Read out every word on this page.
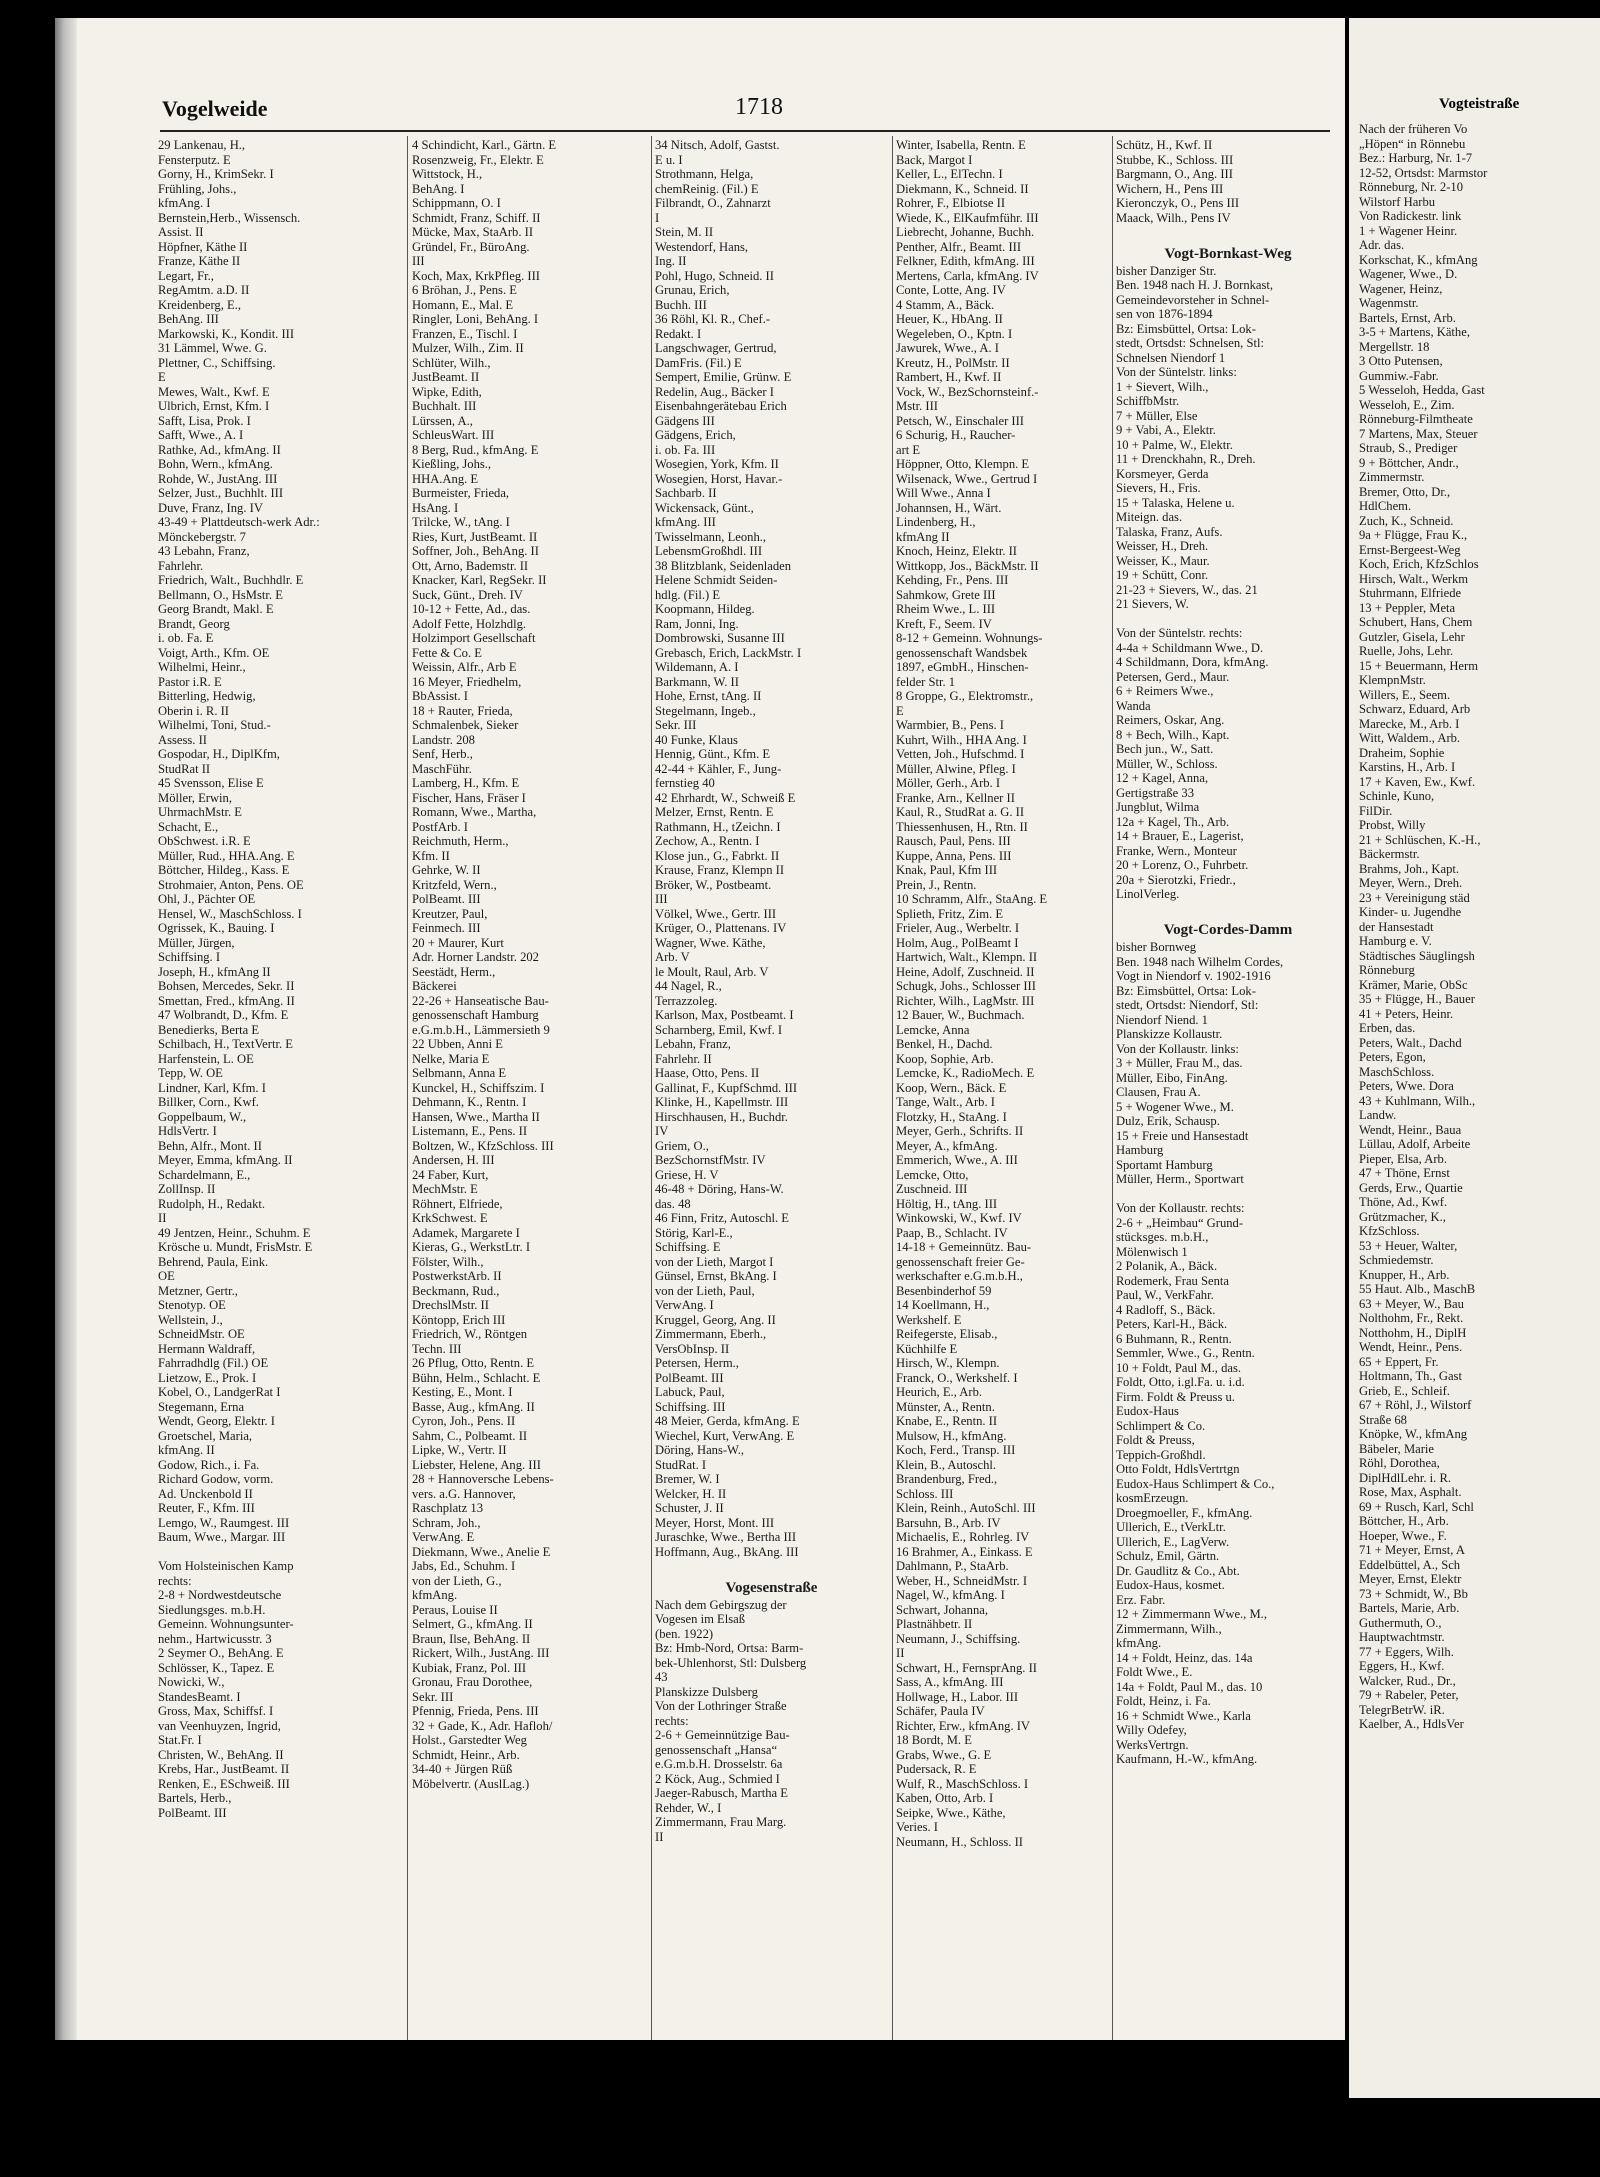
Vogelweide	1718
29 Lankenau, H.,
Fensterputz. E
Gorny, H., KrimSekr. I
Frühling, Johs.,
kfmAng. I
Bernstein,Herb., Wissensch.
Assist. II
Höpfner, Käthe II
Franze, Käthe II
Legart, Fr.,
RegAmtm. a.D. II
Kreidenberg, E.,
BehAng. III
Markowski, K., Kondit. III
31 Lämmel, Wwe. G.
Plettner, C., Schiffsing.
E
Mewes, Walt., Kwf. E
Ulbrich, Ernst, Kfm. I
Safft, Lisa, Prok. I
Safft, Wwe., A. I
Rathke, Ad., kfmAng. II
Bohn, Wern., kfmAng.
Rohde, W., JustAng. III
Selzer, Just., Buchhlt. III
Duve, Franz, Ing. IV
43-49 + Plattdeutsch-werk Adr.:
Mönckebergstr. 7
43 Lebahn, Franz,
Fahrlehr.
Friedrich, Walt., Buchhdlr. E
Bellmann, O., HsMstr. E
Georg Brandt, Makl. E
Brandt, Georg
i. ob. Fa. E
Voigt, Arth., Kfm. OE
Wilhelmi, Heinr.,
Pastor i.R. E
Bitterling, Hedwig,
Oberin i. R. II
Wilhelmi, Toni, Stud.-
Assess. II
Gospodar, H., DiplKfm,
StudRat II
45 Svensson, Elise E
Möller, Erwin,
UhrmachMstr. E
Schacht, E.,
ObSchwest. i.R. E
Müller, Rud., HHA.Ang. E
Böttcher, Hildeg., Kass. E
Strohmaier, Anton, Pens. OE
Ohl, J., Pächter OE
Hensel, W., MaschSchloss. I
Ogrissek, K., Bauing. I
Müller, Jürgen,
Schiffsing. I
Joseph, H., kfmAng II
Bohsen, Mercedes, Sekr. II
Smettan, Fred., kfmAng. II
47 Wolbrandt, D., Kfm. E
Benedierks, Berta E
Schilbach, H., TextVertr. E
Harfenstein, L. OE
Tepp, W. OE
Lindner, Karl, Kfm. I
Billker, Corn., Kwf.
Goppelbaum, W.,
HdlsVertr. I
Behn, Alfr., Mont. II
Meyer, Emma, kfmAng. II
Schardelmann, E.,
ZollInsp. II
Rudolph, H., Redakt.
II
49 Jentzen, Heinr., Schuhm. E
Krösche u. Mundt, FrisMstr. E
Behrend, Paula, Eink.
OE
Metzner, Gertr.,
Stenotyp. OE
Wellstein, J.,
SchneidMstr. OE
Hermann Waldraff,
Fahrradhdlg (Fil.) OE
Lietzow, E., Prok. I
Kobel, O., LandgerRat I
Stegemann, Erna
Wendt, Georg, Elektr. I
Groetschel, Maria,
kfmAng. II
Godow, Rich., i. Fa.
Richard Godow, vorm.
Ad. Unckenbold II
Reuter, F., Kfm. III
Lemgo, W., Raumgest. III
Baum, Wwe., Margar. III

Vom Holsteinischen Kamp
rechts:
2-8 + Nordwestdeutsche
Siedlungsges. m.b.H.
Gemeinn. Wohnungsunter-
nehm., Hartwicusstr. 3
2 Seymer O., BehAng. E
Schlösser, K., Tapez. E
Nowicki, W.,
StandesBeamt. I
Gross, Max, Schiffsf. I
van Veenhuyzen, Ingrid,
Stat.Fr. I
Christen, W., BehAng. II
Krebs, Har., JustBeamt. II
Renken, E., ESchweiß. III
Bartels, Herb.,
PolBeamt. III
4 Schindicht, Karl., Gärtn. E
Rosenzweig, Fr., Elektr. E
Wittstock, H.,
BehAng. I
Schippmann, O. I
Schmidt, Franz, Schiff. II
Mücke, Max, StaArb. II
Gründel, Fr., BüroAng.
III
Koch, Max, KrkPfleg. III
6 Bröhan, J., Pens. E
Homann, E., Mal. E
Ringler, Loni, BehAng. I
Franzen, E., Tischl. I
Mulzer, Wilh., Zim. II
Schlüter, Wilh.,
JustBeamt. II
Wipke, Edith,
Buchhalt. III
Lürssen, A.,
SchleusWart. III
8 Berg, Rud., kfmAng. E
Kießling, Johs.,
HHA.Ang. E
Burmeister, Frieda,
HsAng. I
Trilcke, W., tAng. I
Ries, Kurt, JustBeamt. II
Soffner, Joh., BehAng. II
Ott, Arno, Bademstr. II
Knacker, Karl, RegSekr. II
Suck, Günt., Dreh. IV
10-12 + Fette, Ad., das.
Adolf Fette, Holzhdlg.
Holzimport Gesellschaft
Fette & Co. E
Weissin, Alfr., Arb E
16 Meyer, Friedhelm,
BbAssist. I
18 + Rauter, Frieda,
Schmalenbek, Sieker
Landstr. 208
Senf, Herb.,
MaschFühr.
Lamberg, H., Kfm. E
Fischer, Hans, Fräser I
Romann, Wwe., Martha,
PostfArb. I
Reichmuth, Herm.,
Kfm. II
Gehrke, W. II
Kritzfeld, Wern.,
PolBeamt. III
Kreutzer, Paul,
Feinmech. III
20 + Maurer, Kurt
Adr. Horner Landstr. 202
Seestädt, Herm.,
Bäckerei
22-26 + Hanseatische Bau-
genossenschaft Hamburg
e.G.m.b.H., Lämmersieth 9
22 Ubben, Anni E
Nelke, Maria E
Selbmann, Anna E
Kunckel, H., Schiffszim. I
Dehmann, K., Rentn. I
Hansen, Wwe., Martha II
Listemann, E., Pens. II
Boltzen, W., KfzSchloss. III
Andersen, H. III
24 Faber, Kurt,
MechMstr. E
Röhnert, Elfriede,
KrkSchwest. E
Adamek, Margarete I
Kieras, G., WerkstLtr. I
Fölster, Wilh.,
PostwerkstArb. II
Beckmann, Rud.,
DrechslMstr. II
Köntopp, Erich III
Friedrich, W., Röntgen
Techn. III
26 Pflug, Otto, Rentn. E
Bühn, Helm., Schlacht. E
Kesting, E., Mont. I
Basse, Aug., kfmAng. II
Cyron, Joh., Pens. II
Sahm, C., Polbeamt. II
Lipke, W., Vertr. II
Liebster, Helene, Ang. III
28 + Hannoversche Lebens-
vers. a.G. Hannover,
Raschplatz 13
Schram, Joh.,
VerwAng. E
Diekmann, Wwe., Anelie E
Jabs, Ed., Schuhm. I
von der Lieth, G.,
kfmAng.
Peraus, Louise II
Selmert, G., kfmAng. II
Braun, Ilse, BehAng. II
Rickert, Wilh., JustAng. III
Kubiak, Franz, Pol. III
Gronau, Frau Dorothee,
Sekr. III
Pfennig, Frieda, Pens. III
32 + Gade, K., Adr. Hafloh/
Holst., Garstedter Weg
Schmidt, Heinr., Arb.
34-40 + Jürgen Rüß
Möbelvertr. (AuslLag.)
34 Nitsch, Adolf, Gastst.
E u. I
Strothmann, Helga,
chemReinig. (Fil.) E
Filbrandt, O., Zahnarzt
I
Stein, M. II
Westendorf, Hans,
Ing. II
Pohl, Hugo, Schneid. II
Grunau, Erich,
Buchh. III
36 Röhl, Kl. R., Chef.-
Redakt. I
Langschwager, Gertrud,
DamFris. (Fil.) E
Sempert, Emilie, Grünw. E
Redelin, Aug., Bäcker I
Eisenbahngerätebau Erich
Gädgens III
Gädgens, Erich,
i. ob. Fa. III
Wosegien, York, Kfm. II
Wosegien, Horst, Havar.-
Sachbarb. II
Wickensack, Günt.,
kfmAng. III
Twisselmann, Leonh.,
LebensmGroßhdl. III
38 Blitzblank, Seidenladen
Helene Schmidt Seiden-
hdlg. (Fil.) E
Koopmann, Hildeg.
Ram, Jonni, Ing.
Dombrowski, Susanne III
Grebasch, Erich, LackMstr. I
Wildemann, A. I
Barkmann, W. II
Hohe, Ernst, tAng. II
Stegelmann, Ingeb.,
Sekr. III
40 Funke, Klaus
Hennig, Günt., Kfm. E
42-44 + Kähler, F., Jung-
fernstieg 40
42 Ehrhardt, W., Schweiß E
Melzer, Ernst, Rentn. E
Rathmann, H., tZeichn. I
Zechow, A., Rentn. I
Klose jun., G., Fabrkt. II
Krause, Franz, Klempn II
Bröker, W., Postbeamt.
III
Völkel, Wwe., Gertr. III
Krüger, O., Plattenans. IV
Wagner, Wwe. Käthe,
Arb. V
le Moult, Raul, Arb. V
44 Nagel, R.,
Terrazzoleg.
Karlson, Max, Postbeamt. I
Scharnberg, Emil, Kwf. I
Lebahn, Franz,
Fahrlehr. II
Haase, Otto, Pens. II
Gallinat, F., KupfSchmd. III
Klinke, H., Kapellmstr. III
Hirschhausen, H., Buchdr.
IV
Griem, O.,
BezSchornstfMstr. IV
Griese, H. V
46-48 + Döring, Hans-W.
das. 48
46 Finn, Fritz, Autoschl. E
Störig, Karl-E.,
Schiffsing. E
von der Lieth, Margot I
Günsel, Ernst, BkAng. I
von der Lieth, Paul,
VerwAng. I
Kruggel, Georg, Ang. II
Zimmermann, Eberh.,
VersObInsp. II
Petersen, Herm.,
PolBeamt. III
Labuck, Paul,
Schiffsing. III
48 Meier, Gerda, kfmAng. E
Wiechel, Kurt, VerwAng. E
Döring, Hans-W.,
StudRat. I
Bremer, W. I
Welcker, H. II
Schuster, J. II
Meyer, Horst, Mont. III
Juraschke, Wwe., Bertha III
Hoffmann, Aug., BkAng. III

Vogesenstraße
Nach dem Gebirgszug der
Vogesen im Elsaß
(ben. 1922)
Bz: Hmb-Nord, Ortsa: Barm-
bek-Uhlenhorst, Stl: Dulsberg
43
Planskizze Dulsberg
Von der Lothringer Straße
rechts:
2-6 + Gemeinnützige Bau-
genossenschaft „Hansa“
e.G.m.b.H. Drosselstr. 6a
2 Köck, Aug., Schmied I
Jaeger-Rabusch, Martha E
Rehder, W., I
Zimmermann, Frau Marg.
II
Winter, Isabella, Rentn. E
Back, Margot I
Keller, L., ElTechn. I
Diekmann, K., Schneid. II
Rohrer, F., Elbiotse II
Wiede, K., ElKaufmführ. III
Liebrecht, Johanne, Buchh.
Penther, Alfr., Beamt. III
Felkner, Edith, kfmAng. III
Mertens, Carla, kfmAng. IV
Conte, Lotte, Ang. IV
4 Stamm, A., Bäck.
Heuer, K., HbAng. II
Wegeleben, O., Kptn. I
Jawurek, Wwe., A. I
Kreutz, H., PolMstr. II
Rambert, H., Kwf. II
Vock, W., BezSchornsteinf.-
Mstr. III
Petsch, W., Einschaler III
6 Schurig, H., Raucher-
art E
Höppner, Otto, Klempn. E
Wilsenack, Wwe., Gertrud I
Will Wwe., Anna I
Johannsen, H., Wärt.
Lindenberg, H.,
kfmAng II
Knoch, Heinz, Elektr. II
Wittkopp, Jos., BäckMstr. II
Kehding, Fr., Pens. III
Sahmkow, Grete III
Rheim Wwe., L. III
Kreft, F., Seem. IV
8-12 + Gemeinn. Wohnungs-
genossenschaft Wandsbek
1897, eGmbH., Hinschen-
felder Str. 1
8 Groppe, G., Elektromstr.,
E
Warmbier, B., Pens. I
Kuhrt, Wilh., HHA Ang. I
Vetten, Joh., Hufschmd. I
Müller, Alwine, Pfleg. I
Möller, Gerh., Arb. I
Franke, Arn., Kellner II
Kaul, R., StudRat a. G. II
Thiessenhusen, H., Rtn. II
Rausch, Paul, Pens. III
Kuppe, Anna, Pens. III
Knak, Paul, Kfm III
Prein, J., Rentn.
10 Schramm, Alfr., StaAng. E
Splieth, Fritz, Zim. E
Frieler, Aug., Werbeltr. I
Holm, Aug., PolBeamt I
Hartwich, Walt., Klempn. II
Heine, Adolf, Zuschneid. II
Schugk, Johs., Schlosser III
Richter, Wilh., LagMstr. III
12 Bauer, W., Buchmach.
Lemcke, Anna
Benkel, H., Dachd.
Koop, Sophie, Arb.
Lemcke, K., RadioMech. E
Koop, Wern., Bäck. E
Tange, Walt., Arb. I
Flotzky, H., StaAng. I
Meyer, Gerh., Schrifts. II
Meyer, A., kfmAng.
Emmerich, Wwe., A. III
Lemcke, Otto,
Zuschneid. III
Höltig, H., tAng. III
Winkowski, W., Kwf. IV
Paap, B., Schlacht. IV
14-18 + Gemeinnütz. Bau-
genossenschaft freier Ge-
werkschafter e.G.m.b.H.,
Besenbinderhof 59
14 Koellmann, H.,
Werkshelf. E
Reifegerste, Elisab.,
Küchhilfe E
Hirsch, W., Klempn.
Franck, O., Werkshelf. I
Heurich, E., Arb.
Münster, A., Rentn.
Knabe, E., Rentn. II
Mulsow, H., kfmAng.
Koch, Ferd., Transp. III
Klein, B., Autoschl.
Brandenburg, Fred.,
Schloss. III
Klein, Reinh., AutoSchl. III
Barsuhn, B., Arb. IV
Michaelis, E., Rohrleg. IV
16 Brahmer, A., Einkass. E
Dahlmann, P., StaArb.
Weber, H., SchneidMstr. I
Nagel, W., kfmAng. I
Schwart, Johanna,
Plastnähbetr. II
Neumann, J., Schiffsing.
II
Schwart, H., FernsprAng. II
Sass, A., kfmAng. III
Hollwage, H., Labor. III
Schäfer, Paula IV
Richter, Erw., kfmAng. IV
18 Bordt, M. E
Grabs, Wwe., G. E
Pudersack, R. E
Wulf, R., MaschSchloss. I
Kaben, Otto, Arb. I
Seipke, Wwe., Käthe,
Veries. I
Neumann, H., Schloss. II
Schütz, H., Kwf. II
Stubbe, K., Schloss. III
Bargmann, O., Ang. III
Wichern, H., Pens III
Kieronczyk, O., Pens III
Maack, Wilh., Pens IV

Vogt-Bornkast-Weg
bisher Danziger Str.
Ben. 1948 nach H. J. Bornkast,
Gemeindevorsteher in Schnel-
sen von 1876-1894
Bz: Eimsbüttel, Ortsa: Lok-
stedt, Ortsdst: Schnelsen, Stl:
Schnelsen Niendorf 1
Von der Süntelstr. links:
1 + Sievert, Wilh.,
SchiffbMstr.
7 + Müller, Else
9 + Vabi, A., Elektr.
10 + Palme, W., Elektr.
11 + Drenckhahn, R., Dreh.
Korsmeyer, Gerda
Sievers, H., Fris.
15 + Talaska, Helene u.
Miteign. das.
Talaska, Franz, Aufs.
Weisser, H., Dreh.
Weisser, K., Maur.
19 + Schütt, Conr.
21-23 + Sievers, W., das. 21
21 Sievers, W.

Von der Süntelstr. rechts:
4-4a + Schildmann Wwe., D.
4 Schildmann, Dora, kfmAng.
Petersen, Gerd., Maur.
6 + Reimers Wwe.,
Wanda
Reimers, Oskar, Ang.
8 + Bech, Wilh., Kapt.
Bech jun., W., Satt.
Müller, W., Schloss.
12 + Kagel, Anna,
Gertigstraße 33
Jungblut, Wilma
12a + Kagel, Th., Arb.
14 + Brauer, E., Lagerist,
Franke, Wern., Monteur
20 + Lorenz, O., Fuhrbetr.
20a + Sierotzki, Friedr.,
LinolVerleg.

Vogt-Cordes-Damm
bisher Bornweg
Ben. 1948 nach Wilhelm Cordes,
Vogt in Niendorf v. 1902-1916
Bz: Eimsbüttel, Ortsa: Lok-
stedt, Ortsdst: Niendorf, Stl:
Niendorf Niend. 1
Planskizze Kollaustr.
Von der Kollaustr. links:
3 + Müller, Frau M., das.
Müller, Eibo, FinAng.
Clausen, Frau A.
5 + Wogener Wwe., M.
Dulz, Erik, Schausp.
15 + Freie und Hansestadt
Hamburg
Sportamt Hamburg
Müller, Herm., Sportwart

Von der Kollaustr. rechts:
2-6 + „Heimbau“ Grund-
stücksges. m.b.H.,
Mölenwisch 1
2 Polanik, A., Bäck.
Rodemerk, Frau Senta
Paul, W., VerkFahr.
4 Radloff, S., Bäck.
Peters, Karl-H., Bäck.
6 Buhmann, R., Rentn.
Semmler, Wwe., G., Rentn.
10 + Foldt, Paul M., das.
Foldt, Otto, i.gl.Fa. u. i.d.
Firm. Foldt & Preuss u.
Eudox-Haus
Schlimpert & Co.
Foldt & Preuss,
Teppich-Großhdl.
Otto Foldt, HdlsVertrtgn
Eudox-Haus Schlimpert & Co.,
kosmErzeugn.
Droegmoeller, F., kfmAng.
Ullerich, E., tVerkLtr.
Ullerich, E., LagVerw.
Schulz, Emil, Gärtn.
Dr. Gaudlitz & Co., Abt.
Eudox-Haus, kosmet.
Erz. Fabr.
12 + Zimmermann Wwe., M.,
Zimmermann, Wilh.,
kfmAng.
14 + Foldt, Heinz, das. 14a
Foldt Wwe., E.
14a + Foldt, Paul M., das. 10
Foldt, Heinz, i. Fa.
16 + Schmidt Wwe., Karla
Willy Odefey,
WerksVertrgn.
Kaufmann, H.-W., kfmAng.
Vogteistraße
Nach der früheren Vo
„Höpen“ in Rönnebu
Bez.: Harburg, Nr. 1-7
12-52, Ortsdst: Marmstor
Rönneburg, Nr. 2-10
Wilstorf Harbu
Von Radickestr. link
1 + Wagener Heinr.
Adr. das.
Korkschat, K., kfmAng
Wagener, Wwe., D.
Wagener, Heinz,
Wagenmstr.
Bartels, Ernst, Arb.
3-5 + Martens, Käthe,
Mergellstr. 18
3 Otto Putensen,
Gummiw.-Fabr.
5 Wesseloh, Hedda, Gast
Wesseloh, E., Zim.
Rönneburg-Filmtheate
7 Martens, Max, Steuer
Straub, S., Prediger
9 + Böttcher, Andr.,
Zimmermstr.
Bremer, Otto, Dr.,
HdlChem.
Zuch, K., Schneid.
9a + Flügge, Frau K.,
Ernst-Bergeest-Weg
Koch, Erich, KfzSchlos
Hirsch, Walt., Werkm
Stuhrmann, Elfriede
13 + Peppler, Meta
Schubert, Hans, Chem
Gutzler, Gisela, Lehr
Ruelle, Johs, Lehr.
15 + Beuermann, Herm
KlempnMstr.
Willers, E., Seem.
Schwarz, Eduard, Arb
Marecke, M., Arb. I
Witt, Waldem., Arb.
Draheim, Sophie
Karstins, H., Arb. I
17 + Kaven, Ew., Kwf.
Schinle, Kuno,
FilDir.
Probst, Willy
21 + Schlüschen, K.-H.,
Bäckermstr.
Brahms, Joh., Kapt.
Meyer, Wern., Dreh.
23 + Vereinigung städ
Kinder- u. Jugendhe
der Hansestadt
Hamburg e. V.
Städtisches Säuglingsh
Rönneburg
Krämer, Marie, ObSc
35 + Flügge, H., Bauer
41 + Peters, Heinr.
Erben, das.
Peters, Walt., Dachd
Peters, Egon,
MaschSchloss.
Peters, Wwe. Dora
43 + Kuhlmann, Wilh.,
Landw.
Wendt, Heinr., Baua
Lüllau, Adolf, Arbeite
Pieper, Elsa, Arb.
47 + Thöne, Ernst
Gerds, Erw., Quartie
Thöne, Ad., Kwf.
Grützmacher, K.,
KfzSchloss.
53 + Heuer, Walter,
Schmiedemstr.
Knupper, H., Arb.
55 Haut. Alb., MaschB
63 + Meyer, W., Bau
Nolthohm, Fr., Rekt.
Notthohm, H., DiplH
Wendt, Heinr., Pens.
65 + Eppert, Fr.
Holtmann, Th., Gast
Grieb, E., Schleif.
67 + Röhl, J., Wilstorf
Straße 68
Knöpke, W., kfmAng
Bäbeler, Marie
Röhl, Dorothea,
DiplHdlLehr. i. R.
Rose, Max, Asphalt.
69 + Rusch, Karl, Schl
Böttcher, H., Arb.
Hoeper, Wwe., F.
71 + Meyer, Ernst, A
Eddelbüttel, A., Sch
Meyer, Ernst, Elektr
73 + Schmidt, W., Bb
Bartels, Marie, Arb.
Guthermuth, O.,
Hauptwachtmstr.
77 + Eggers, Wilh.
Eggers, H., Kwf.
Walcker, Rud., Dr.,
79 + Rabeler, Peter,
TelegrBetrW. iR.
Kaelber, A., HdlsVer
